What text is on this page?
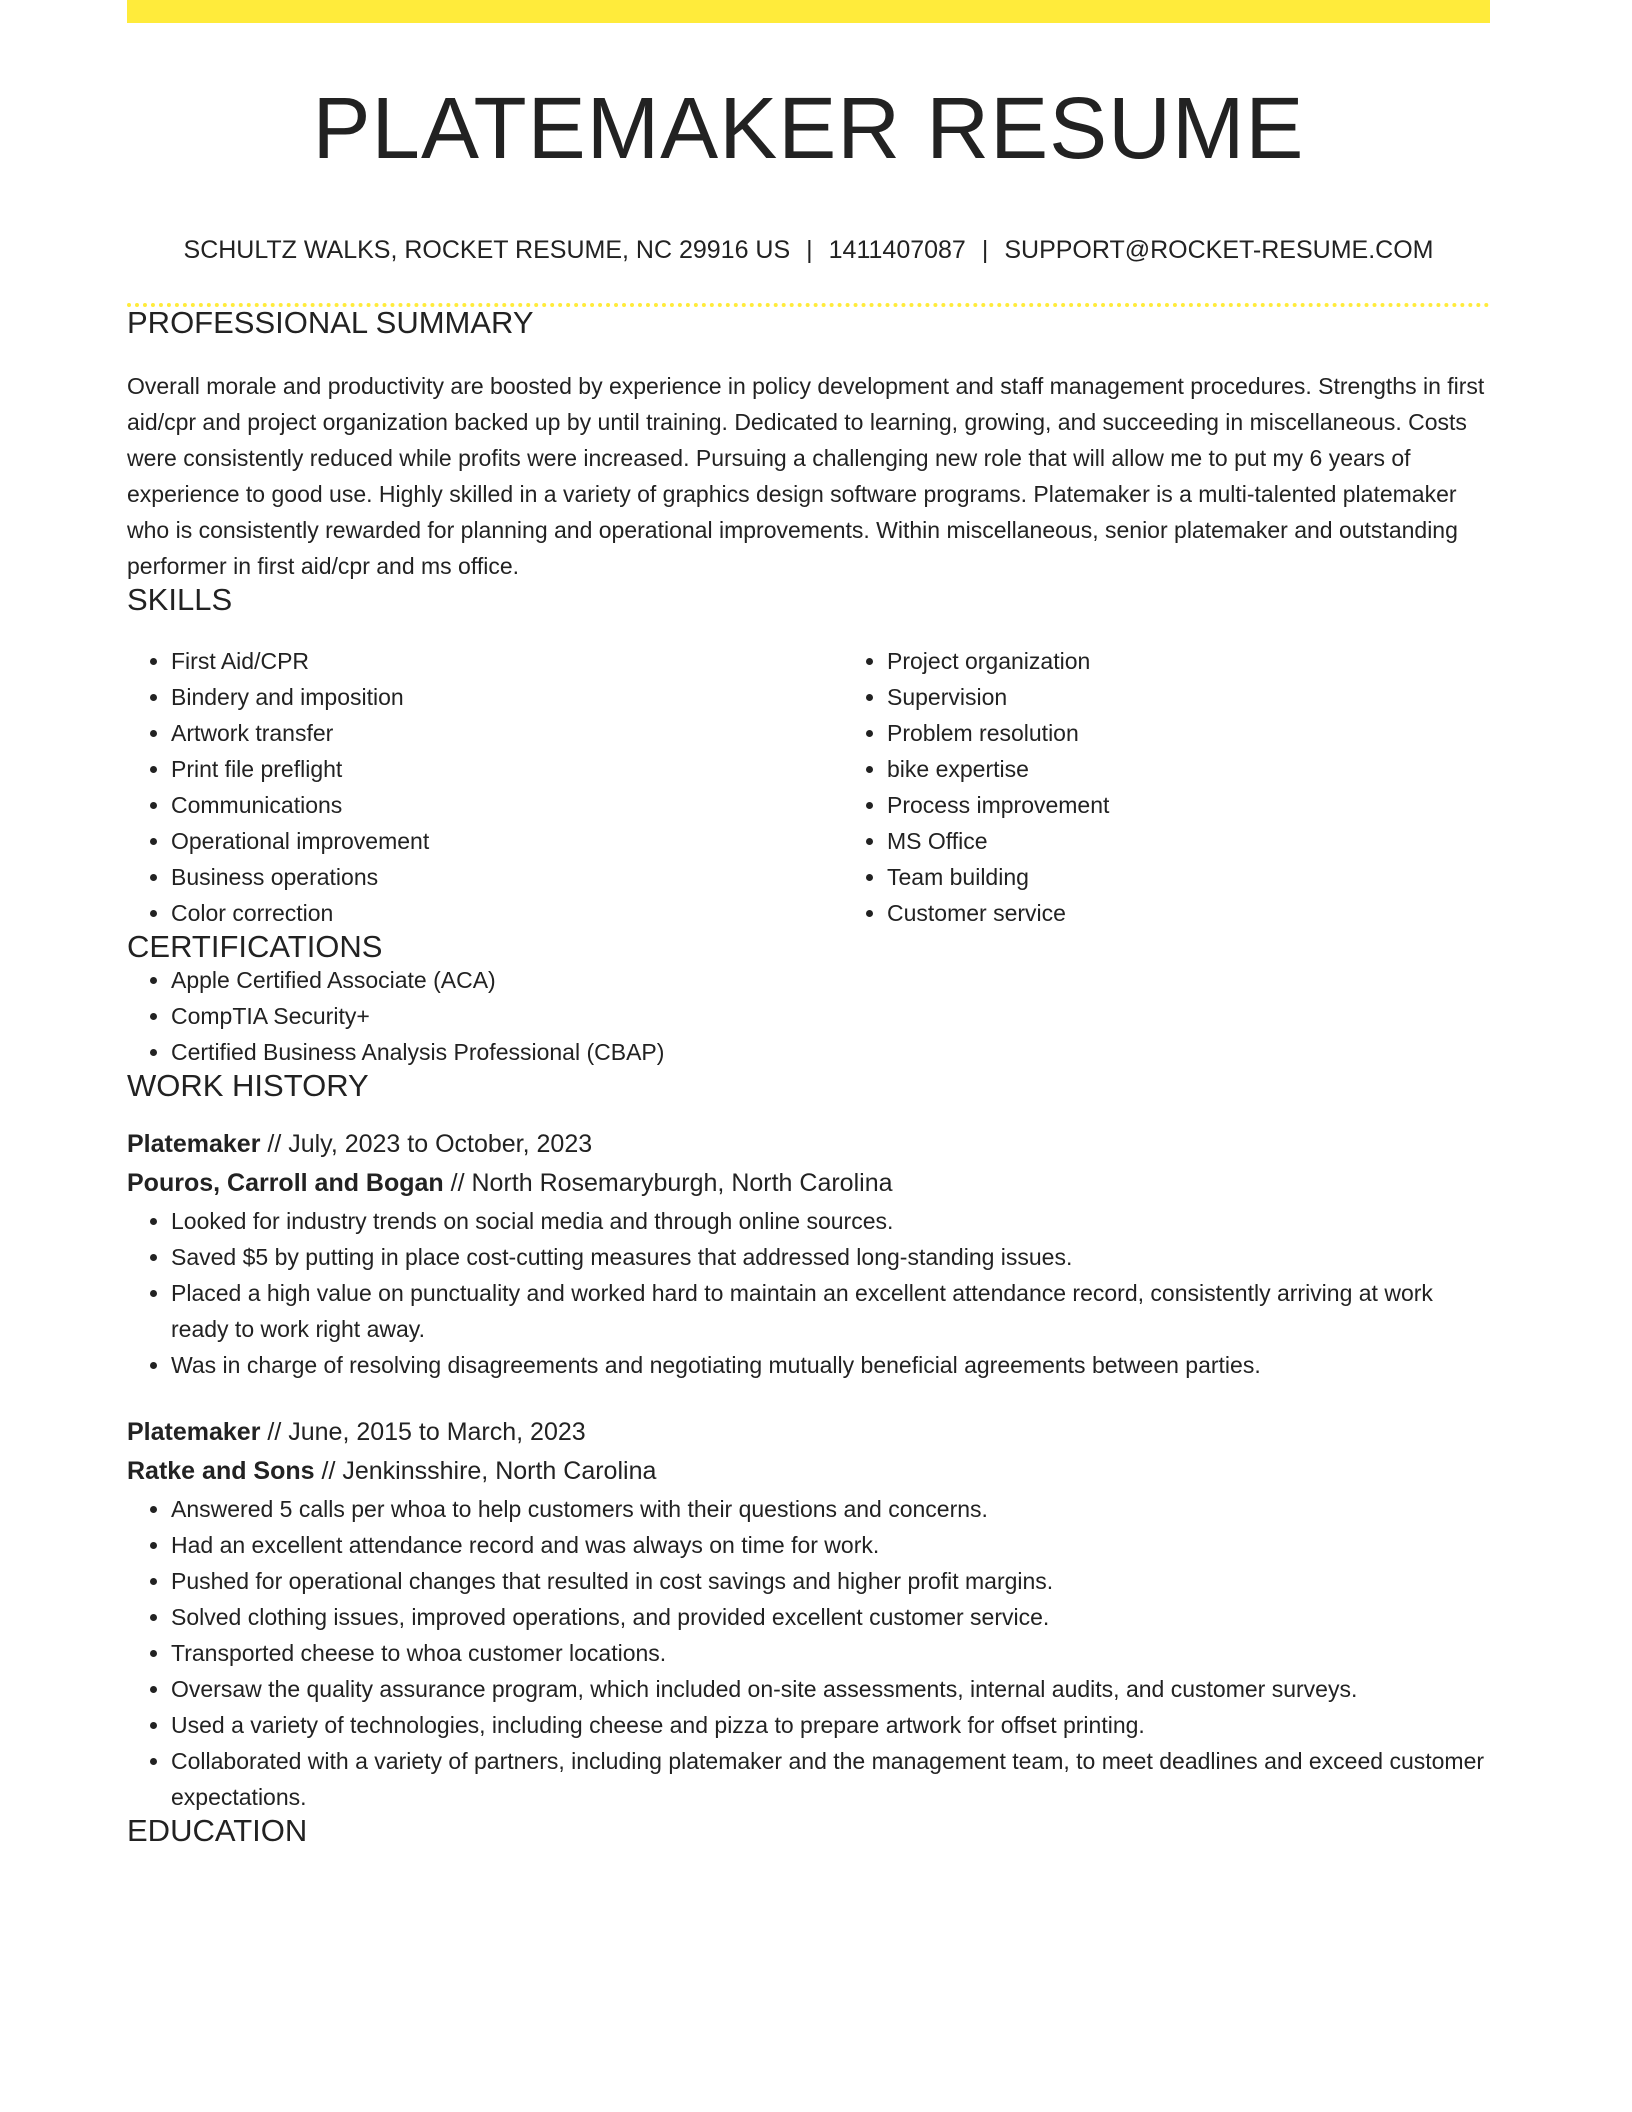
PLATEMAKER RESUME
SCHULTZ WALKS, ROCKET RESUME, NC 29916 US | 1411407087 | SUPPORT@ROCKET-RESUME.COM
PROFESSIONAL SUMMARY
Overall morale and productivity are boosted by experience in policy development and staff management procedures. Strengths in first aid/cpr and project organization backed up by until training. Dedicated to learning, growing, and succeeding in miscellaneous. Costs were consistently reduced while profits were increased. Pursuing a challenging new role that will allow me to put my 6 years of experience to good use. Highly skilled in a variety of graphics design software programs. Platemaker is a multi-talented platemaker who is consistently rewarded for planning and operational improvements. Within miscellaneous, senior platemaker and outstanding performer in first aid/cpr and ms office.
SKILLS
• First Aid/CPR
• Bindery and imposition
• Artwork transfer
• Print file preflight
• Communications
• Operational improvement
• Business operations
• Color correction
• Project organization
• Supervision
• Problem resolution
• bike expertise
• Process improvement
• MS Office
• Team building
• Customer service
CERTIFICATIONS
• Apple Certified Associate (ACA)
• CompTIA Security+
• Certified Business Analysis Professional (CBAP)
WORK HISTORY
Platemaker // July, 2023 to October, 2023
Pouros, Carroll and Bogan // North Rosemaryburgh, North Carolina
• Looked for industry trends on social media and through online sources.
• Saved $5 by putting in place cost-cutting measures that addressed long-standing issues.
• Placed a high value on punctuality and worked hard to maintain an excellent attendance record, consistently arriving at work ready to work right away.
• Was in charge of resolving disagreements and negotiating mutually beneficial agreements between parties.
Platemaker // June, 2015 to March, 2023
Ratke and Sons // Jenkinsshire, North Carolina
• Answered 5 calls per whoa to help customers with their questions and concerns.
• Had an excellent attendance record and was always on time for work.
• Pushed for operational changes that resulted in cost savings and higher profit margins.
• Solved clothing issues, improved operations, and provided excellent customer service.
• Transported cheese to whoa customer locations.
• Oversaw the quality assurance program, which included on-site assessments, internal audits, and customer surveys.
• Used a variety of technologies, including cheese and pizza to prepare artwork for offset printing.
• Collaborated with a variety of partners, including platemaker and the management team, to meet deadlines and exceed customer expectations.
EDUCATION
